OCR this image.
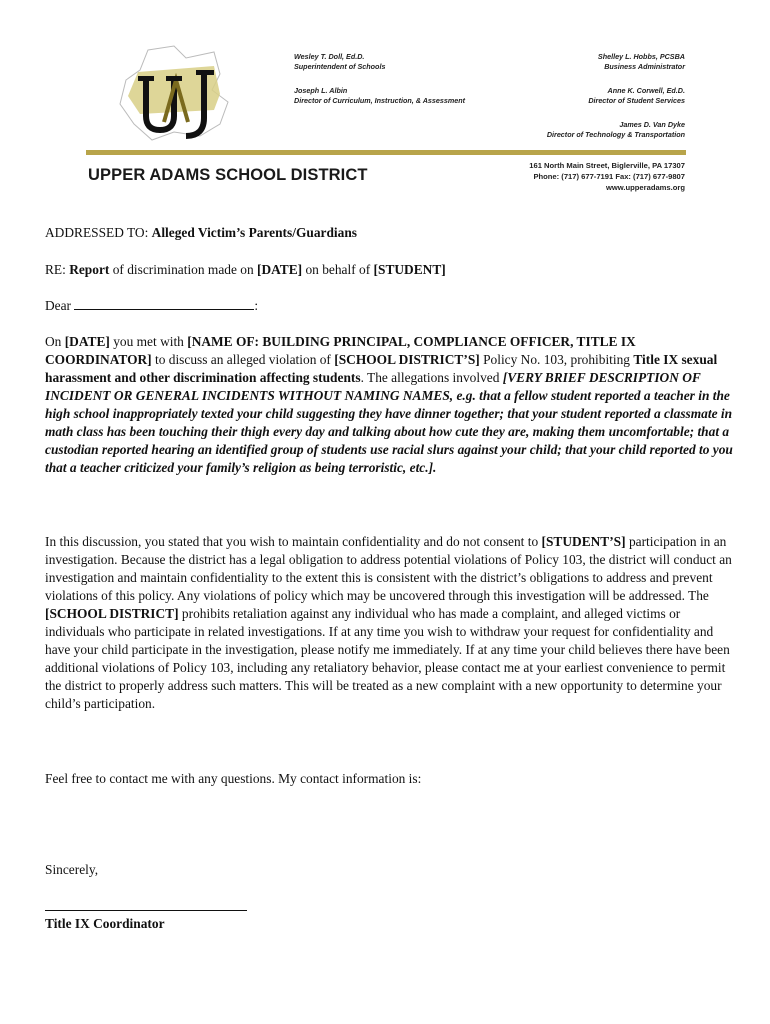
Wesley T. Doll, Ed.D.
Superintendent of Schools
Joseph L. Albin
Director of Curriculum, Instruction, & Assessment
Shelley L. Hobbs, PCSBA
Business Administrator
Anne K. Corwell, Ed.D.
Director of Student Services
James D. Van Dyke
Director of Technology & Transportation
UPPER ADAMS SCHOOL DISTRICT
161 North Main Street, Biglerville, PA 17307
Phone: (717) 677-7191 Fax: (717) 677-9807
www.upperadams.org
ADDRESSED TO: Alleged Victim’s Parents/Guardians
RE: Report of discrimination made on [DATE] on behalf of [STUDENT]
Dear	:
On [DATE] you met with [NAME OF: BUILDING PRINCIPAL, COMPLIANCE OFFICER, TITLE IX COORDINATOR] to discuss an alleged violation of [SCHOOL DISTRICT’S] Policy No. 103, prohibiting Title IX sexual harassment and other discrimination affecting students. The allegations involved [VERY BRIEF DESCRIPTION OF INCIDENT OR GENERAL INCIDENTS WITHOUT NAMING NAMES, e.g. that a fellow student reported a teacher in the high school inappropriately texted your child suggesting they have dinner together; that your student reported a classmate in math class has been touching their thigh every day and talking about how cute they are, making them uncomfortable; that a custodian reported hearing an identified group of students use racial slurs against your child; that your child reported to you that a teacher criticized your family’s religion as being terroristic, etc.].
In this discussion, you stated that you wish to maintain confidentiality and do not consent to [STUDENT’S] participation in an investigation. Because the district has a legal obligation to address potential violations of Policy 103, the district will conduct an investigation and maintain confidentiality to the extent this is consistent with the district’s obligations to address and prevent violations of this policy. Any violations of policy which may be uncovered through this investigation will be addressed. The [SCHOOL DISTRICT] prohibits retaliation against any individual who has made a complaint, and alleged victims or individuals who participate in related investigations. If at any time you wish to withdraw your request for confidentiality and have your child participate in the investigation, please notify me immediately. If at any time your child believes there have been additional violations of Policy 103, including any retaliatory behavior, please contact me at your earliest convenience to permit the district to properly address such matters. This will be treated as a new complaint with a new opportunity to determine your child’s participation.
Feel free to contact me with any questions. My contact information is:
Sincerely,
Title IX Coordinator
